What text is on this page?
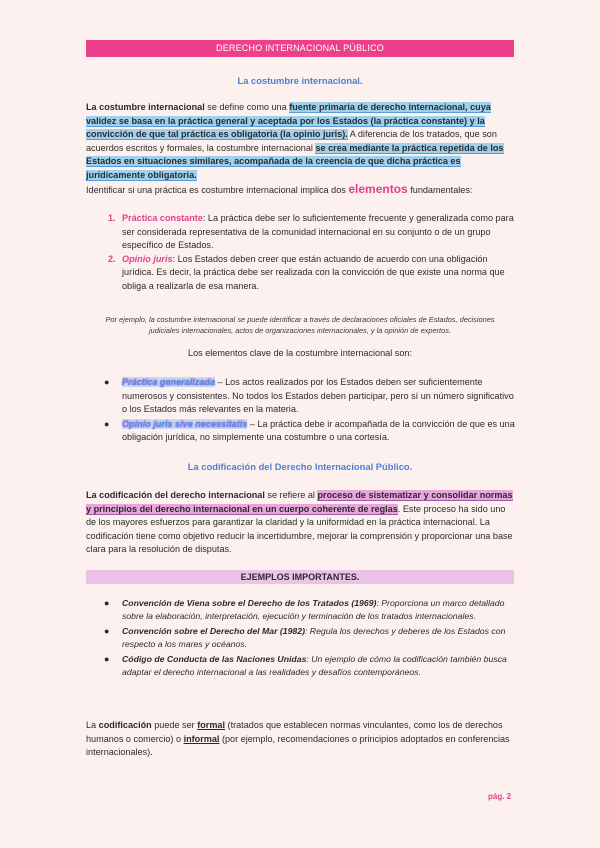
DERECHO INTERNACIONAL PÚBLICO
La costumbre internacional.
La costumbre internacional se define como una fuente primaria de derecho internacional, cuya validez se basa en la práctica general y aceptada por los Estados (la práctica constante) y la convicción de que tal práctica es obligatoria (la opinio juris). A diferencia de los tratados, que son acuerdos escritos y formales, la costumbre internacional se crea mediante la práctica repetida de los Estados en situaciones similares, acompañada de la creencia de que dicha práctica es jurídicamente obligatoria.
Identificar si una práctica es costumbre internacional implica dos elementos fundamentales:
1. Práctica constante: La práctica debe ser lo suficientemente frecuente y generalizada como para ser considerada representativa de la comunidad internacional en su conjunto o de un grupo específico de Estados.
2. Opinio juris: Los Estados deben creer que están actuando de acuerdo con una obligación jurídica. Es decir, la práctica debe ser realizada con la convicción de que existe una norma que obliga a realizarla de esa manera.
Por ejemplo, la costumbre internacional se puede identificar a través de declaraciones oficiales de Estados, decisiones judiciales internacionales, actos de organizaciones internacionales, y la opinión de expertos.
Los elementos clave de la costumbre internacional son:
● Práctica generalizada – Los actos realizados por los Estados deben ser suficientemente numerosos y consistentes. No todos los Estados deben participar, pero sí un número significativo o los Estados más relevantes en la materia.
● Opinio juris sive necessitatis – La práctica debe ir acompañada de la convicción de que es una obligación jurídica, no simplemente una costumbre o una cortesía.
La codificación del Derecho Internacional Público.
La codificación del derecho internacional se refiere al proceso de sistematizar y consolidar normas y principios del derecho internacional en un cuerpo coherente de reglas. Este proceso ha sido uno de los mayores esfuerzos para garantizar la claridad y la uniformidad en la práctica internacional. La codificación tiene como objetivo reducir la incertidumbre, mejorar la comprensión y proporcionar una base clara para la resolución de disputas.
EJEMPLOS IMPORTANTES.
● Convención de Viena sobre el Derecho de los Tratados (1969): Proporciona un marco detallado sobre la elaboración, interpretación, ejecución y terminación de los tratados internacionales.
● Convención sobre el Derecho del Mar (1982): Regula los derechos y deberes de los Estados con respecto a los mares y océanos.
● Código de Conducta de las Naciones Unidas: Un ejemplo de cómo la codificación también busca adaptar el derecho internacional a las realidades y desafíos contemporáneos.
La codificación puede ser formal (tratados que establecen normas vinculantes, como los de derechos humanos o comercio) o informal (por ejemplo, recomendaciones o principios adoptados en conferencias internacionales).
pág. 2
